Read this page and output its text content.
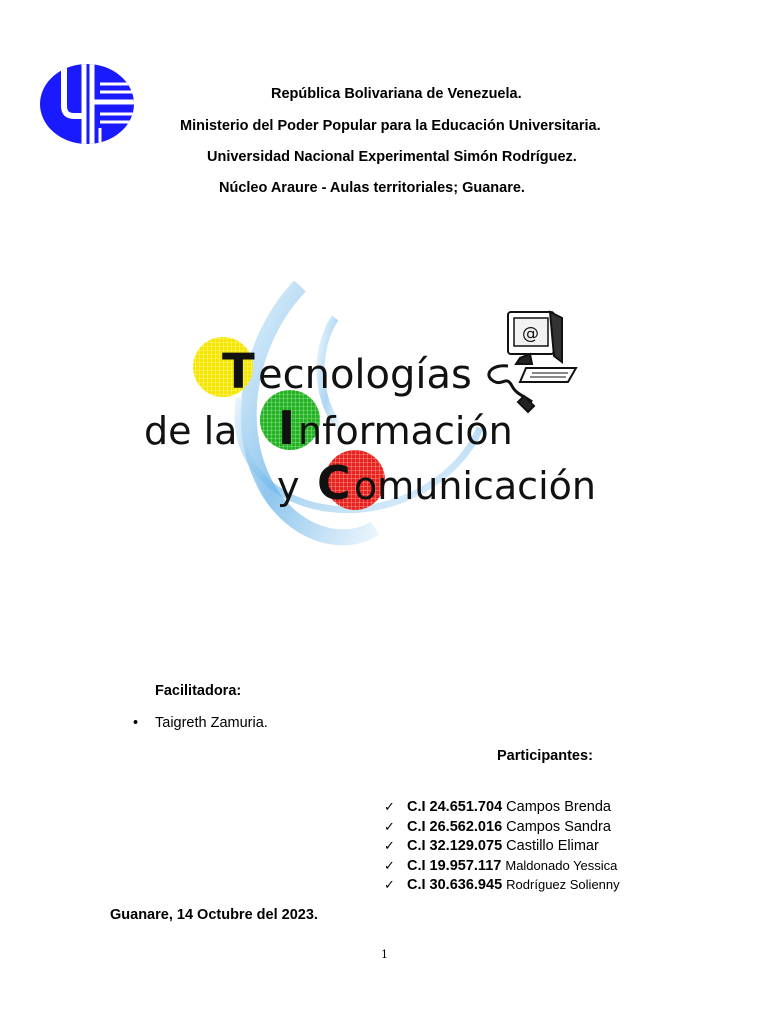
República Bolivariana de Venezuela.
Ministerio del Poder Popular para la Educación Universitaria.
Universidad Nacional Experimental Simón Rodríguez.
Núcleo Araure - Aulas territoriales; Guanare.
T ecnologías
de la I nformación
y C omunicación
@
Facilitadora:
• Taigreth Zamuria.
Participantes:
✓ C.I 24.651.704 Campos Brenda
✓ C.I 26.562.016 Campos Sandra
✓ C.I 32.129.075 Castillo Elimar
✓ C.I 19.957.117 Maldonado Yessica
✓ C.I 30.636.945 Rodríguez Solienny
Guanare, 14 Octubre del 2023.
1
